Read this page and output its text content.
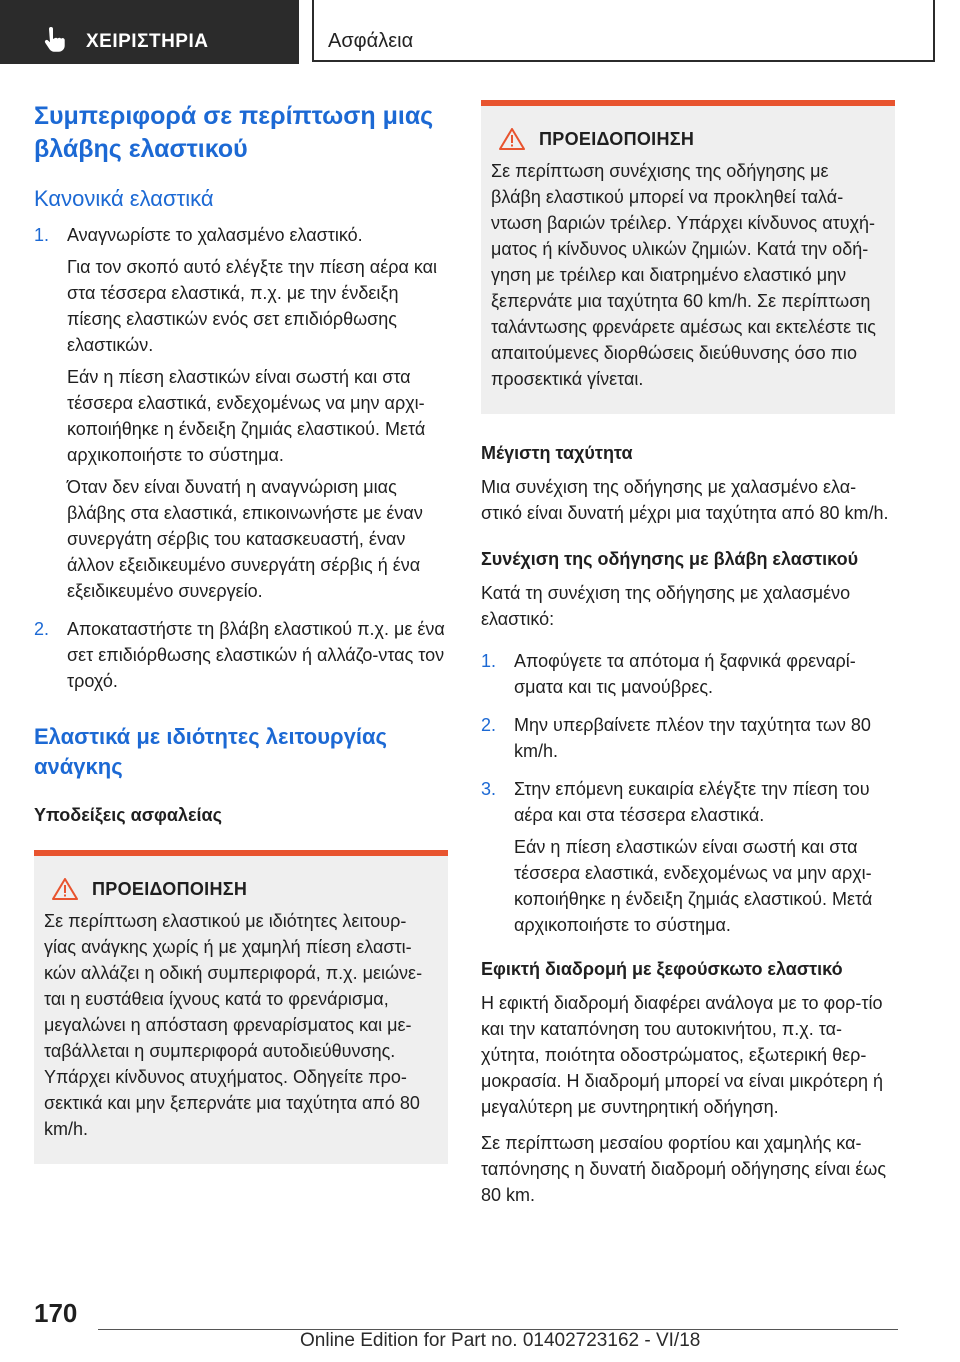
ΧΕΙΡΙΣΤΗΡΙΑ	Ασφάλεια
Συμπεριφορά σε περίπτωση μιας βλάβης ελαστικού
Κανονικά ελαστικά
1. Αναγνωρίστε το χαλασμένο ελαστικό.
Για τον σκοπό αυτό ελέγξτε την πίεση αέρα και στα τέσσερα ελαστικά, π.χ. με την ένδειξη πίεσης ελαστικών ενός σετ επιδιόρθωσης ελαστικών.
Εάν η πίεση ελαστικών είναι σωστή και στα τέσσερα ελαστικά, ενδεχομένως να μην αρχι‐κοποιήθηκε η ένδειξη ζημιάς ελαστικού. Μετά αρχικοποιήστε το σύστημα.
Όταν δεν είναι δυνατή η αναγνώριση μιας βλάβης στα ελαστικά, επικοινωνήστε με έναν συνεργάτη σέρβις του κατασκευαστή, έναν άλλον εξειδικευμένο συνεργάτη σέρβις ή ένα εξειδικευμένο συνεργείο.
2. Αποκαταστήστε τη βλάβη ελαστικού π.χ. με ένα σετ επιδιόρθωσης ελαστικών ή αλλάζο‐ντας τον τροχό.
Ελαστικά με ιδιότητες λειτουργίας ανάγκης
Υποδείξεις ασφαλείας
ΠΡΟΕΙΔΟΠΟΙΗΣΗ

Σε περίπτωση ελαστικού με ιδιότητες λειτουρ‐γίας ανάγκης χωρίς ή με χαμηλή πίεση ελαστι‐κών αλλάζει η οδική συμπεριφορά, π.χ. μειώνε‐ται η ευστάθεια ίχνους κατά το φρενάρισμα, μεγαλώνει η απόσταση φρεναρίσματος και με‐ταβάλλεται η συμπεριφορά αυτοδιεύθυνσης. Υπάρχει κίνδυνος ατυχήματος. Οδηγείτε προ‐σεκτικά και μην ξεπερνάτε μια ταχύτητα από 80 km/h.

ΠΡΟΕΙΔΟΠΟΙΗΣΗ

Σε περίπτωση συνέχισης της οδήγησης με βλάβη ελαστικού μπορεί να προκληθεί ταλά‐ντωση βαριών τρέιλερ. Υπάρχει κίνδυνος ατυχή‐ματος ή κίνδυνος υλικών ζημιών. Κατά την οδή‐γηση με τρέιλερ και διατρημένο ελαστικό μην ξεπερνάτε μια ταχύτητα 60 km/h. Σε περίπτωση ταλάντωσης φρενάρετε αμέσως και εκτελέστε τις απαιτούμενες διορθώσεις διεύθυνσης όσο πιο προσεκτικά γίνεται.

Μέγιστη ταχύτητα

Μια συνέχιση της οδήγησης με χαλασμένο ελα‐στικό είναι δυνατή μέχρι μια ταχύτητα από 80 km/h.

Συνέχιση της οδήγησης με βλάβη ελαστικού

Κατά τη συνέχιση της οδήγησης με χαλασμένο ελαστικό:

1. Αποφύγετε τα απότομα ή ξαφνικά φρεναρί‐σματα και τις μανούβρες.
2. Μην υπερβαίνετε πλέον την ταχύτητα των 80 km/h.
3. Στην επόμενη ευκαιρία ελέγξτε την πίεση του αέρα και στα τέσσερα ελαστικά.
Εάν η πίεση ελαστικών είναι σωστή και στα τέσσερα ελαστικά, ενδεχομένως να μην αρχι‐κοποιήθηκε η ένδειξη ζημιάς ελαστικού. Μετά αρχικοποιήστε το σύστημα.
Εφικτή διαδρομή με ξεφούσκωτο ελαστικό

Η εφικτή διαδρομή διαφέρει ανάλογα με το φορ‐τίο και την καταπόνηση του αυτοκινήτου, π.χ. τα‐χύτητα, ποιότητα οδοστρώματος, εξωτερική θερ‐μοκρασία. Η διαδρομή μπορεί να είναι μικρότερη ή μεγαλύτερη με συντηρητική οδήγηση.

Σε περίπτωση μεσαίου φορτίου και χαμηλής κα‐ταπόνησης η δυνατή διαδρομή οδήγησης είναι έως 80 km.

170
Online Edition for Part no. 01402723162 - VI/18
